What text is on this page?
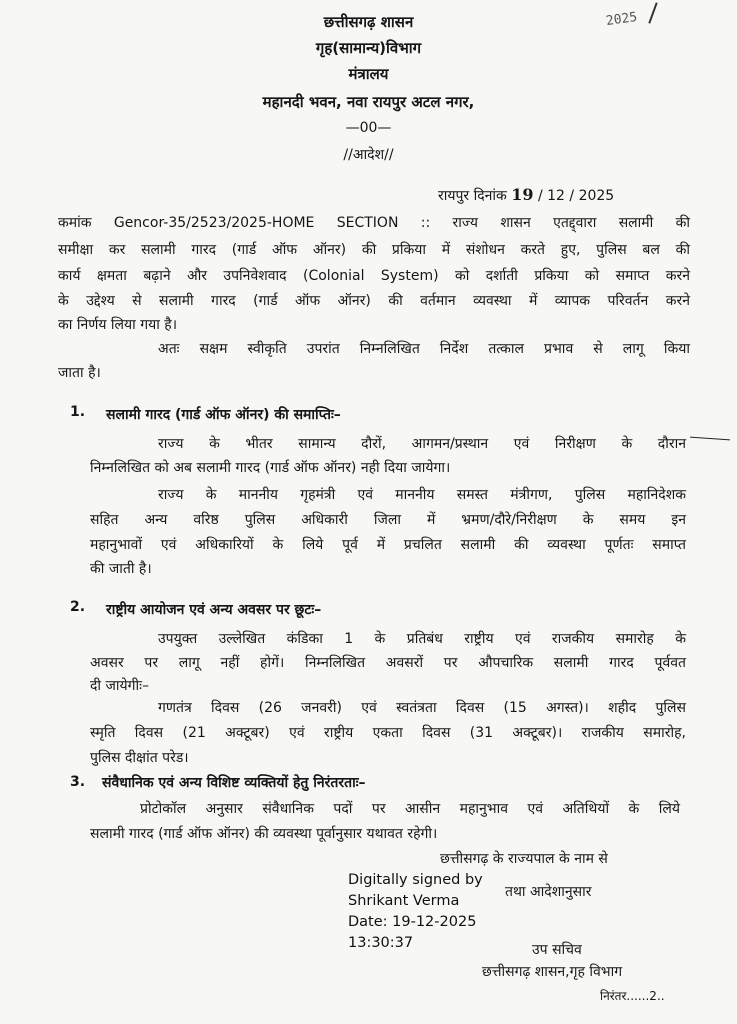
2025
छत्तीसगढ़ शासन
गृह(सामान्य)विभाग
मंत्रालय
महानदी भवन, नवा रायपुर अटल नगर,
—00—
//आदेश//
रायपुर दिनांक 19 / 12 / 2025
कमांक Gencor-35/2523/2025-HOME SECTION :: राज्य शासन एतद्द्वारा सलामी की
समीक्षा कर सलामी गारद (गार्ड ऑफ ऑनर) की प्रकिया में संशोधन करते हुए, पुलिस बल की
कार्य क्षमता बढ़ाने और उपनिवेशवाद (Colonial System) को दर्शाती प्रकिया को समाप्त करने
के उद्देश्य से सलामी गारद (गार्ड ऑफ ऑनर) की वर्तमान व्यवस्था में व्यापक परिवर्तन करने
का निर्णय लिया गया है।
अतः सक्षम स्वीकृति उपरांत निम्नलिखित निर्देश तत्काल प्रभाव से लागू किया
जाता है।
1. सलामी गारद (गार्ड ऑफ ऑनर) की समाप्तिः–
राज्य के भीतर सामान्य दौरों, आगमन/प्रस्थान एवं निरीक्षण के दौरान
निम्नलिखित को अब सलामी गारद (गार्ड ऑफ ऑनर) नही दिया जायेगा।
राज्य के माननीय गृहमंत्री एवं माननीय समस्त मंत्रीगण, पुलिस महानिदेशक
सहित अन्य वरिष्ठ पुलिस अधिकारी जिला में भ्रमण/दौरे/निरीक्षण के समय इन
महानुभावों एवं अधिकारियों के लिये पूर्व में प्रचलित सलामी की व्यवस्था पूर्णतः समाप्त
की जाती है।
2. राष्ट्रीय आयोजन एवं अन्य अवसर पर छूटः–
उपयुक्त उल्लेखित कंडिका 1 के प्रतिबंध राष्ट्रीय एवं राजकीय समारोह के
अवसर पर लागू नहीं होगें। निम्नलिखित अवसरों पर औपचारिक सलामी गारद पूर्ववत
दी जायेगीः–
गणतंत्र दिवस (26 जनवरी) एवं स्वतंत्रता दिवस (15 अगस्त)। शहीद पुलिस
स्मृति दिवस (21 अक्टूबर) एवं राष्ट्रीय एकता दिवस (31 अक्टूबर)। राजकीय समारोह,
पुलिस दीक्षांत परेड।
3. संवैधानिक एवं अन्य विशिष्ट व्यक्तियों हेतु निरंतरताः–
प्रोटोकॉल अनुसार संवैधानिक पदों पर आसीन महानुभाव एवं अतिथियों के लिये
सलामी गारद (गार्ड ऑफ ऑनर) की व्यवस्था पूर्वानुसार यथावत रहेगी।
छत्तीसगढ़ के राज्यपाल के नाम से
Digitally signed by
Shrikant Verma
Date: 19-12-2025
13:30:37
तथा आदेशानुसार
उप सचिव
छत्तीसगढ़ शासन,गृह विभाग
निरंतर......2..
